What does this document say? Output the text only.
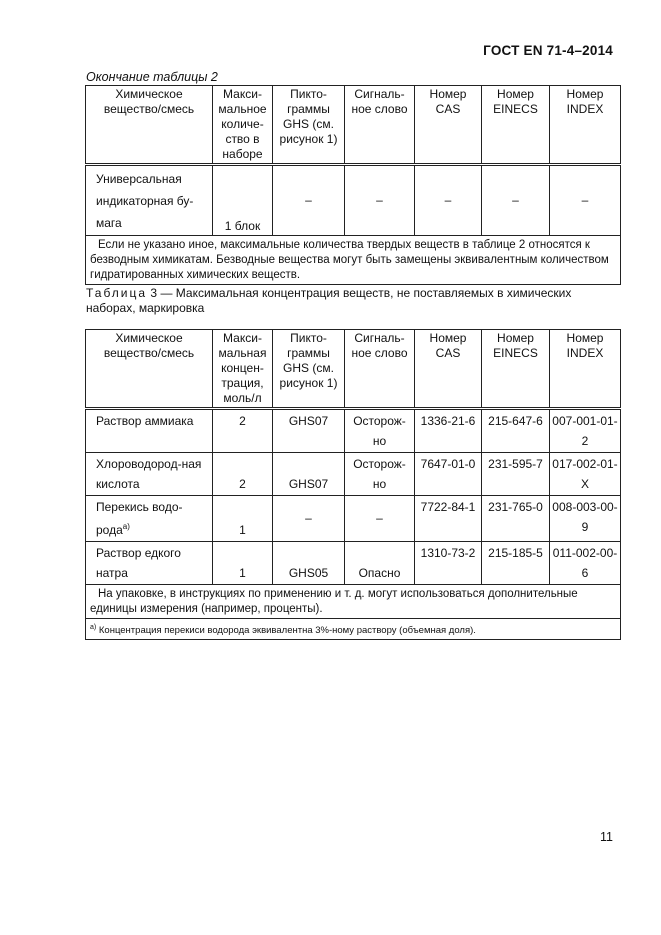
ГОСТ EN 71-4–2014
Окончание таблицы 2
Химическое вещество/смесь	Макси-мальное количе-ство в наборе	Пикто-граммы GHS (см. рисунок 1)	Сигналь-ное слово	Номер CAS	Номер EINECS	Номер INDEX
Универсальная индикаторная бу-мага	1 блок	–	–	–	–	–
Если не указано иное, максимальные количества твердых веществ в таблице 2 относятся к безводным химикатам. Безводные вещества могут быть замещены эквивалентным количеством гидратированных химических веществ.						
Таблица 3 — Максимальная концентрация веществ, не поставляемых в химических наборах, маркировка
Химическое вещество/смесь	Макси-мальная концен-трация, моль/л	Пикто-граммы GHS (см. рисунок 1)	Сигналь-ное слово	Номер CAS	Номер EINECS	Номер INDEX
Раствор аммиака	2	GHS07	Осторож-но	1336-21-6	215-647-6	007-001-01-2
Хлороводород-ная кислота	2	GHS07	Осторож-но	7647-01-0	231-595-7	017-002-01-X
Перекись водо-рода$^{а)}$	1	–	–	7722-84-1	231-765-0	008-003-00-9
Раствор едкого натра	1	GHS05	Опасно	1310-73-2	215-185-5	011-002-00-6
На упаковке, в инструкциях по применению и т. д. могут использоваться дополнительные единицы измерения (например, проценты).						
$^{а)}$ Концентрация перекиси водорода эквивалентна 3%-ному раствору (объемная доля).						
11
